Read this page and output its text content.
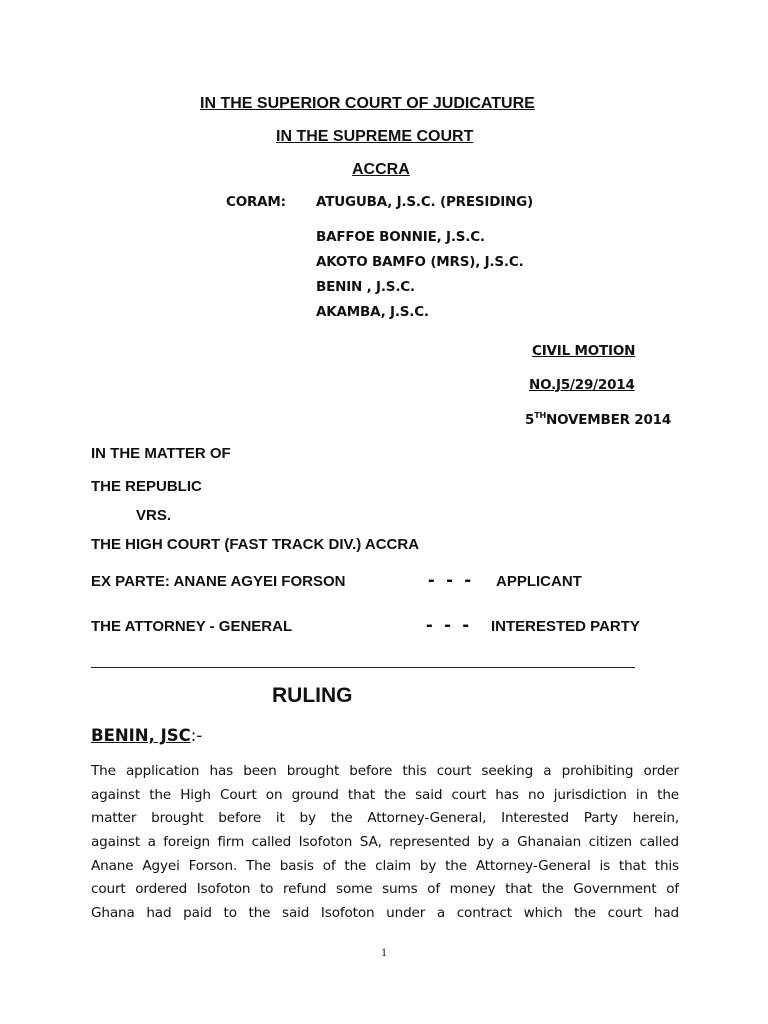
IN THE SUPERIOR COURT OF JUDICATURE
IN THE SUPREME COURT
ACCRA
CORAM: ATUGUBA, J.S.C. (PRESIDING)
BAFFOE BONNIE, J.S.C.
AKOTO BAMFO (MRS), J.S.C.
BENIN , J.S.C.
AKAMBA, J.S.C.
CIVIL MOTION
NO.J5/29/2014
5THNOVEMBER 2014
IN THE MATTER OF
THE REPUBLIC
VRS.
THE HIGH COURT (FAST TRACK DIV.) ACCRA
EX PARTE: ANANE AGYEI FORSON	- - - APPLICANT
THE ATTORNEY - GENERAL	- - - INTERESTED PARTY
RULING
BENIN, JSC:-
The application has been brought before this court seeking a prohibiting order
against the High Court on ground that the said court has no jurisdiction in the
matter brought before it by the Attorney-General, Interested Party herein,
against a foreign firm called Isofoton SA, represented by a Ghanaian citizen called
Anane Agyei Forson. The basis of the claim by the Attorney-General is that this
court ordered Isofoton to refund some sums of money that the Government of
Ghana had paid to the said Isofoton under a contract which the court had
1
